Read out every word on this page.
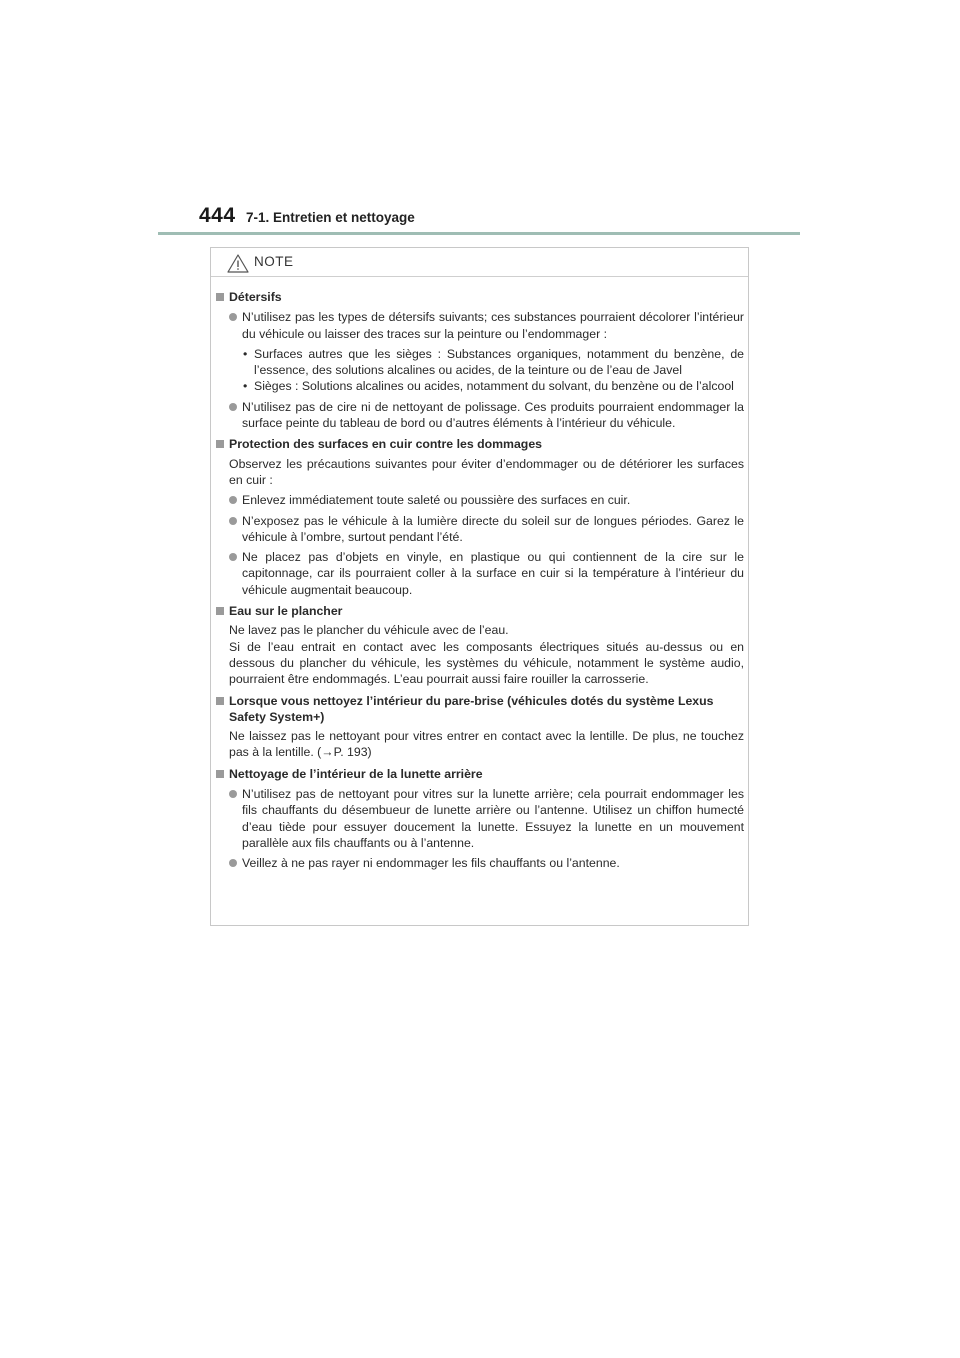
444 7-1. Entretien et nettoyage
NOTE
Détersifs
N’utilisez pas les types de détersifs suivants; ces substances pourraient décolorer l’intérieur du véhicule ou laisser des traces sur la peinture ou l’endommager :
• Surfaces autres que les sièges : Substances organiques, notamment du benzène, de l’essence, des solutions alcalines ou acides, de la teinture ou de l’eau de Javel
• Sièges : Solutions alcalines ou acides, notamment du solvant, du benzène ou de l’alcool
N’utilisez pas de cire ni de nettoyant de polissage. Ces produits pourraient endommager la surface peinte du tableau de bord ou d’autres éléments à l’intérieur du véhicule.
Protection des surfaces en cuir contre les dommages
Observez les précautions suivantes pour éviter d’endommager ou de détériorer les surfaces en cuir :
Enlevez immédiatement toute saleté ou poussière des surfaces en cuir.
N’exposez pas le véhicule à la lumière directe du soleil sur de longues périodes. Garez le véhicule à l’ombre, surtout pendant l’été.
Ne placez pas d’objets en vinyle, en plastique ou qui contiennent de la cire sur le capitonnage, car ils pourraient coller à la surface en cuir si la température à l’intérieur du véhicule augmentait beaucoup.
Eau sur le plancher
Ne lavez pas le plancher du véhicule avec de l’eau.
Si de l’eau entrait en contact avec les composants électriques situés au-dessus ou en dessous du plancher du véhicule, les systèmes du véhicule, notamment le système audio, pourraient être endommagés. L’eau pourrait aussi faire rouiller la carrosserie.
Lorsque vous nettoyez l’intérieur du pare-brise (véhicules dotés du système Lexus Safety System+)
Ne laissez pas le nettoyant pour vitres entrer en contact avec la lentille. De plus, ne touchez pas à la lentille. (→P. 193)
Nettoyage de l’intérieur de la lunette arrière
N’utilisez pas de nettoyant pour vitres sur la lunette arrière; cela pourrait endommager les fils chauffants du désembueur de lunette arrière ou l’antenne. Utilisez un chiffon humecté d’eau tiède pour essuyer doucement la lunette. Essuyez la lunette en un mouvement parallèle aux fils chauffants ou à l’antenne.
Veillez à ne pas rayer ni endommager les fils chauffants ou l’antenne.
